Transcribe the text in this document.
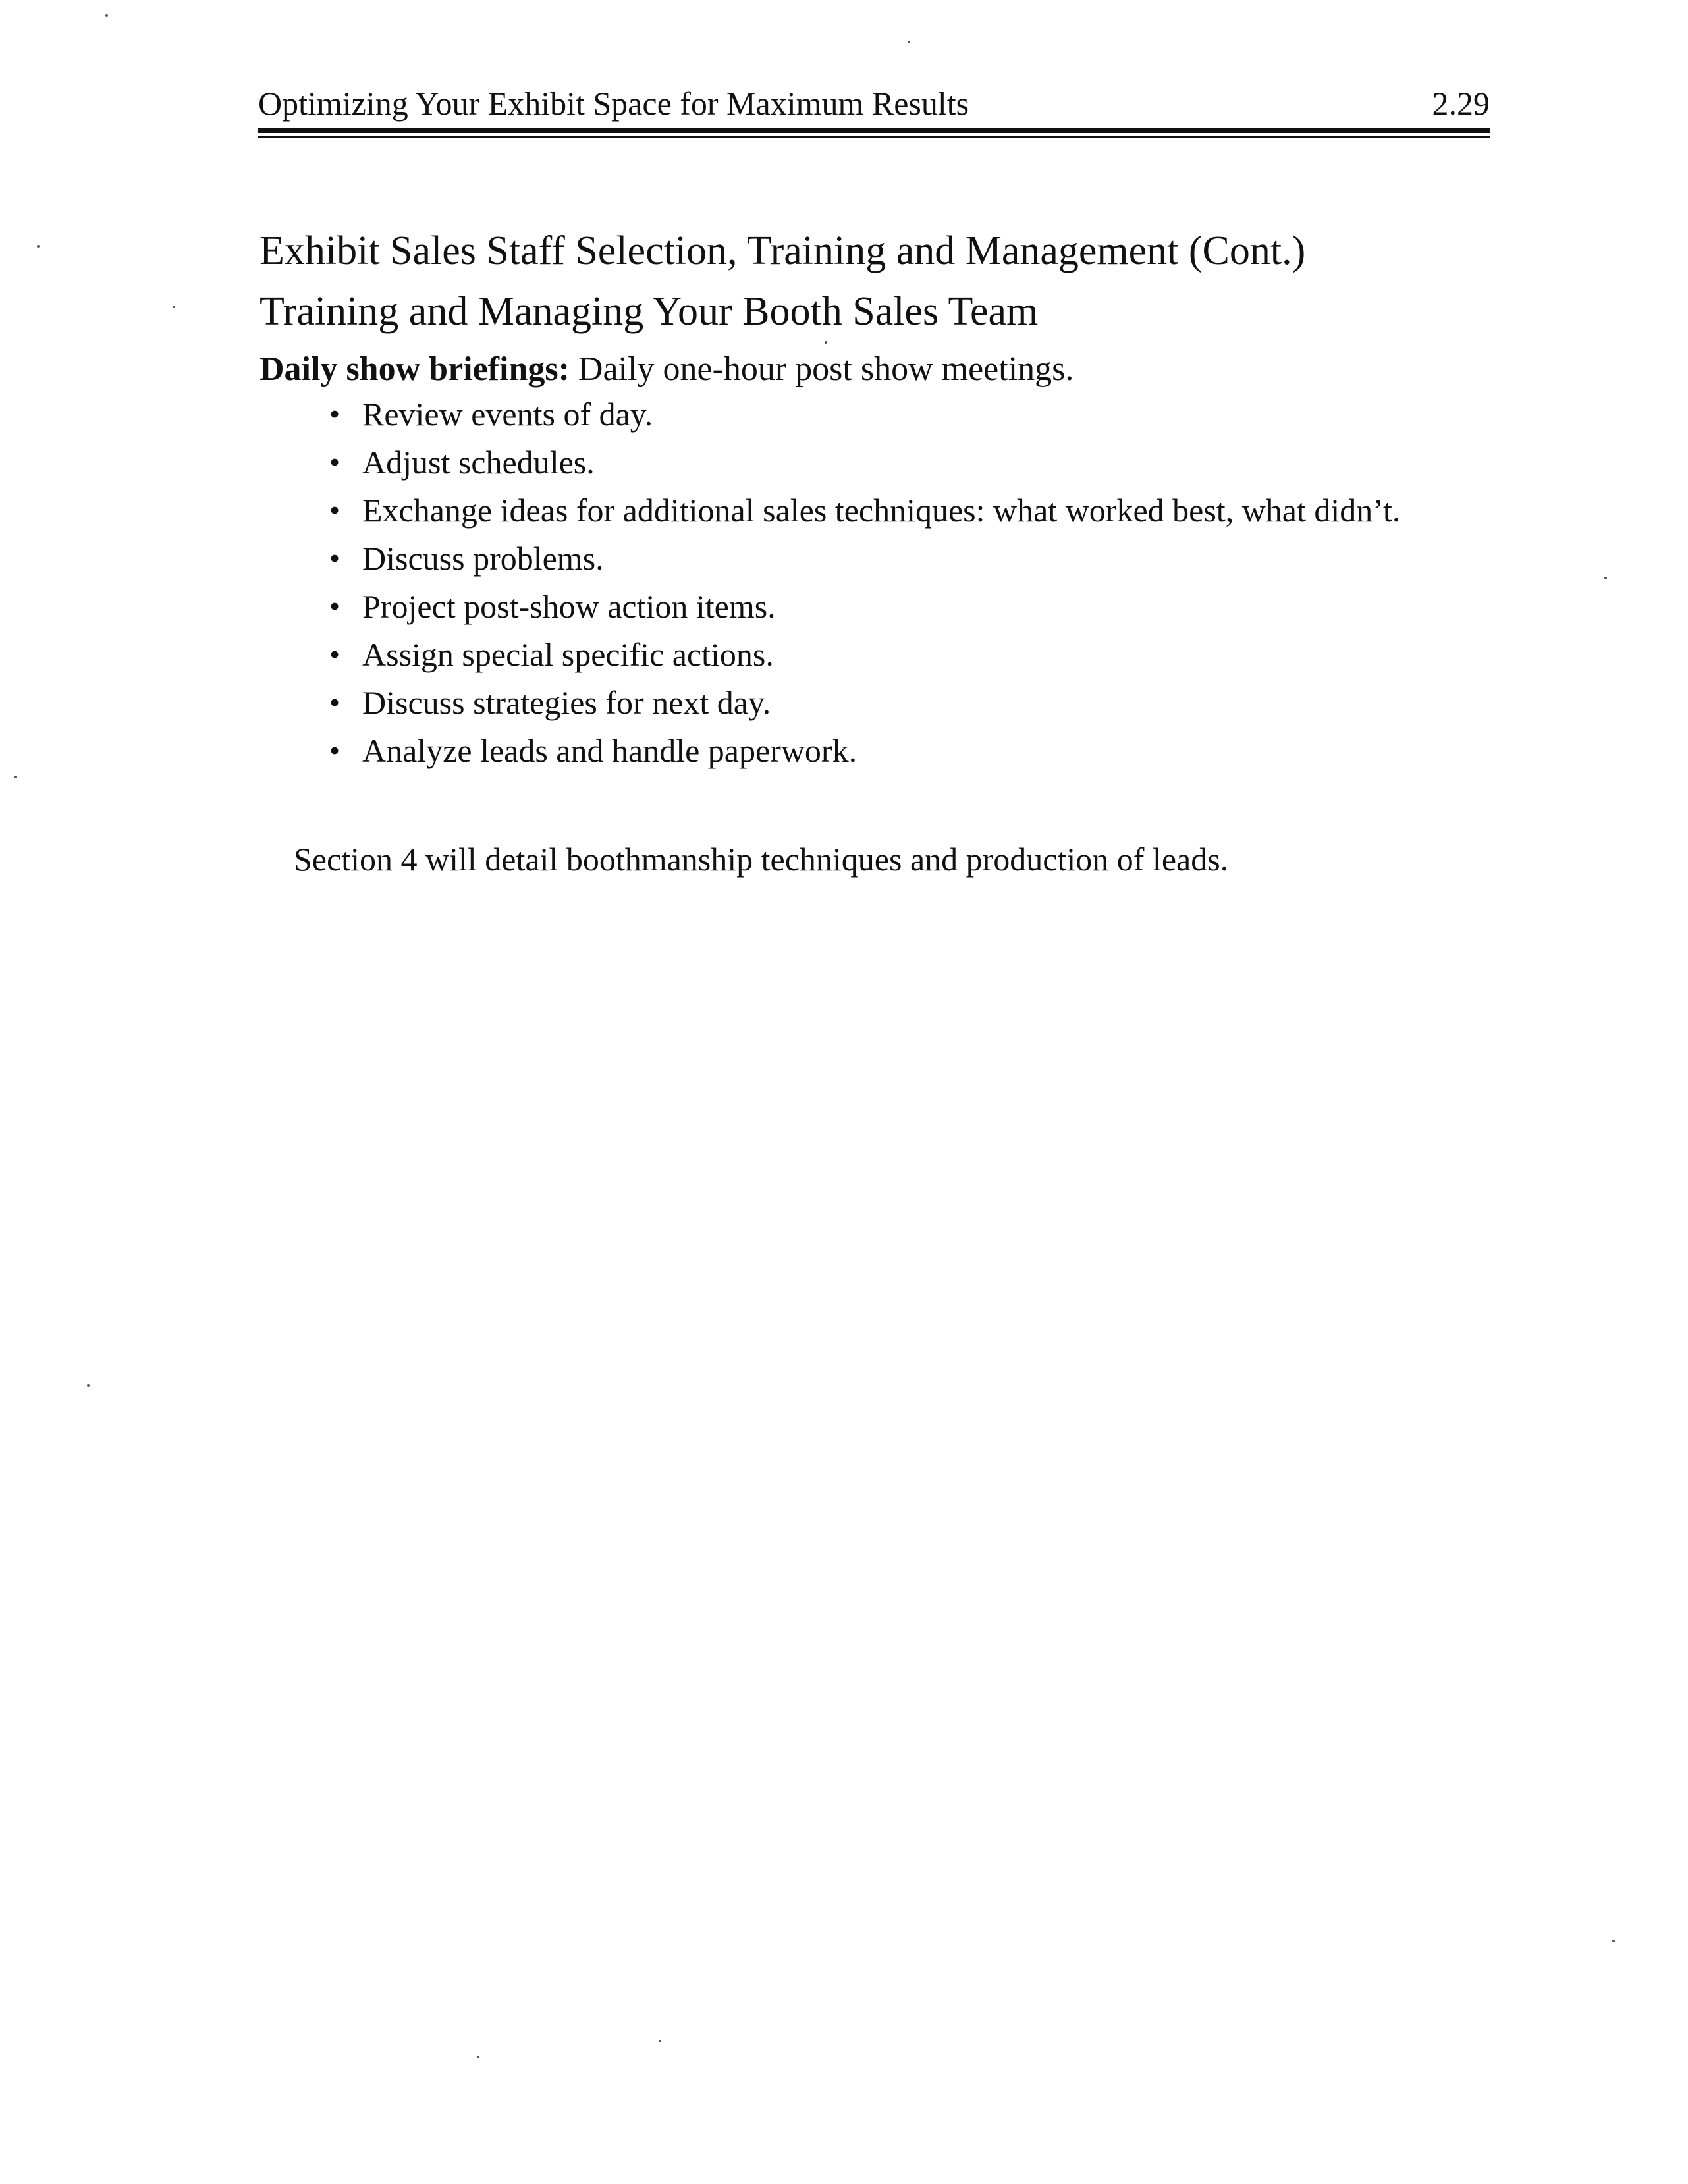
Optimizing Your Exhibit Space for Maximum Results	2.29
Exhibit Sales Staff Selection, Training and Management (Cont.)
Training and Managing Your Booth Sales Team
Daily show briefings: Daily one-hour post show meetings.
• Review events of day.
• Adjust schedules.
• Exchange ideas for additional sales techniques: what worked best, what didn’t.
• Discuss problems.
• Project post-show action items.
• Assign special specific actions.
• Discuss strategies for next day.
• Analyze leads and handle paperwork.
Section 4 will detail boothmanship techniques and production of leads.
